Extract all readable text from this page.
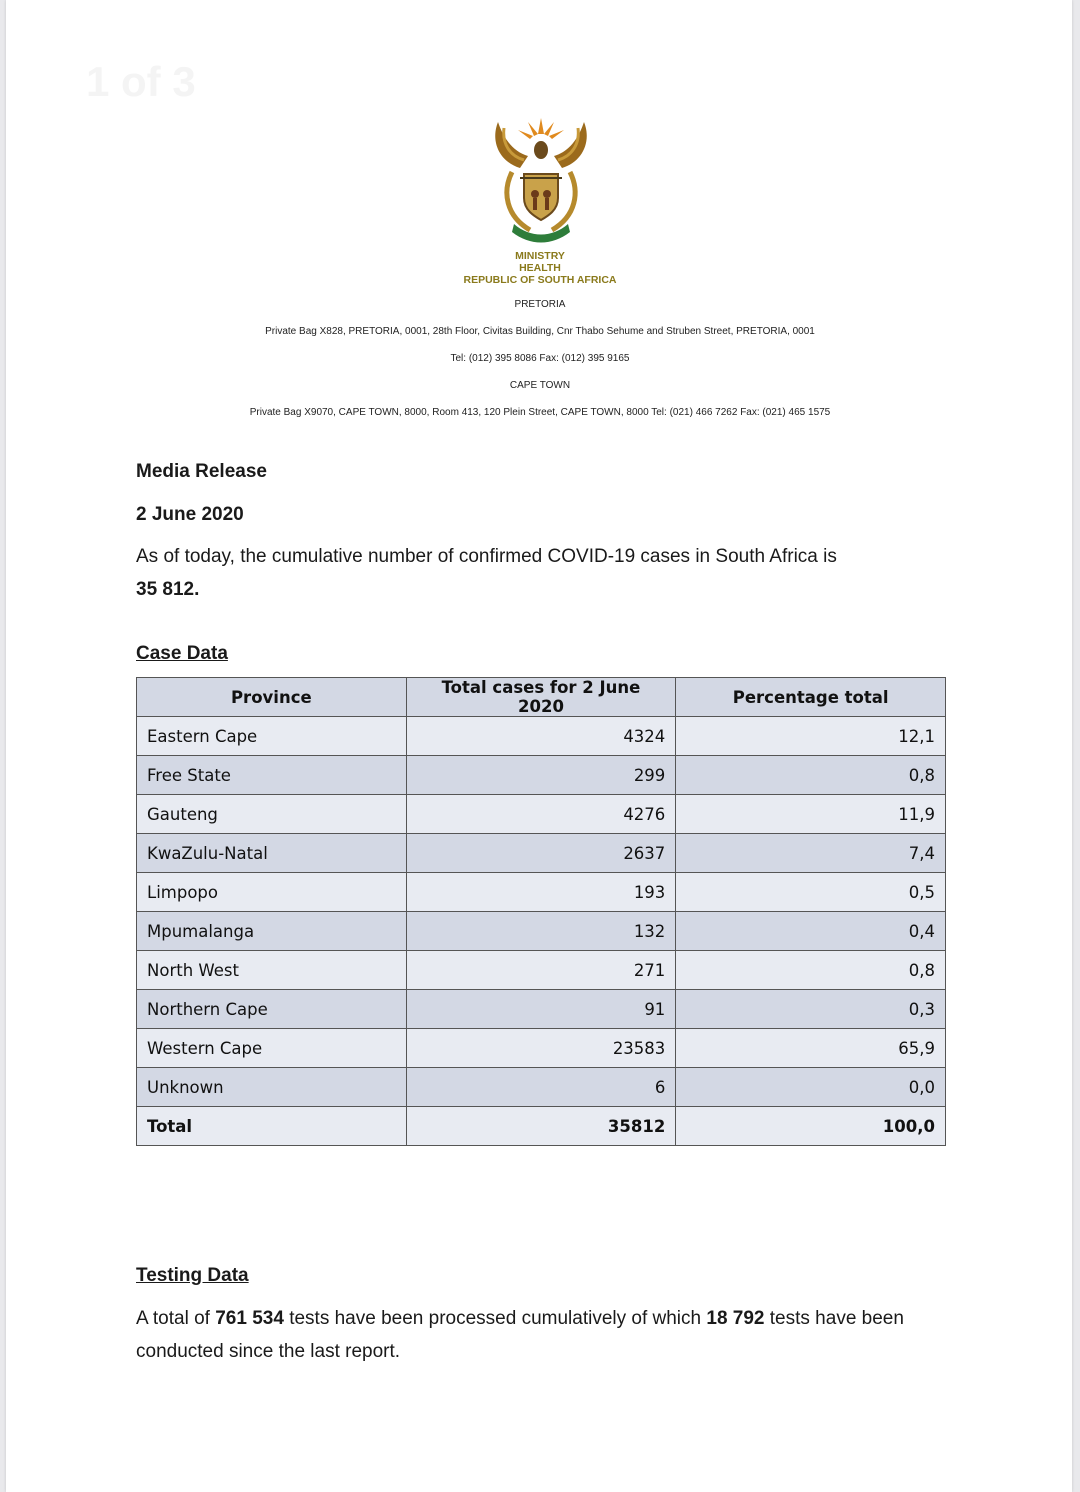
1 of 3
MINISTRY
HEALTH
REPUBLIC OF SOUTH AFRICA
PRETORIA
Private Bag X828, PRETORIA, 0001, 28th Floor, Civitas Building, Cnr Thabo Sehume and Struben Street, PRETORIA, 0001
Tel: (012) 395 8086 Fax: (012) 395 9165
CAPE TOWN
Private Bag X9070, CAPE TOWN, 8000, Room 413, 120 Plein Street, CAPE TOWN, 8000 Tel: (021) 466 7262 Fax: (021) 465 1575
Media Release
2 June 2020
As of today, the cumulative number of confirmed COVID-19 cases in South Africa is
35 812.
Case Data
Province	Total cases for 2 June 2020	Percentage total
Eastern Cape	4324	12,1
Free State	299	0,8
Gauteng	4276	11,9
KwaZulu-Natal	2637	7,4
Limpopo	193	0,5
Mpumalanga	132	0,4
North West	271	0,8
Northern Cape	91	0,3
Western Cape	23583	65,9
Unknown	6	0,0
Total	35812	100,0
Testing Data
A total of 761 534 tests have been processed cumulatively of which 18 792 tests have been
conducted since the last report.
